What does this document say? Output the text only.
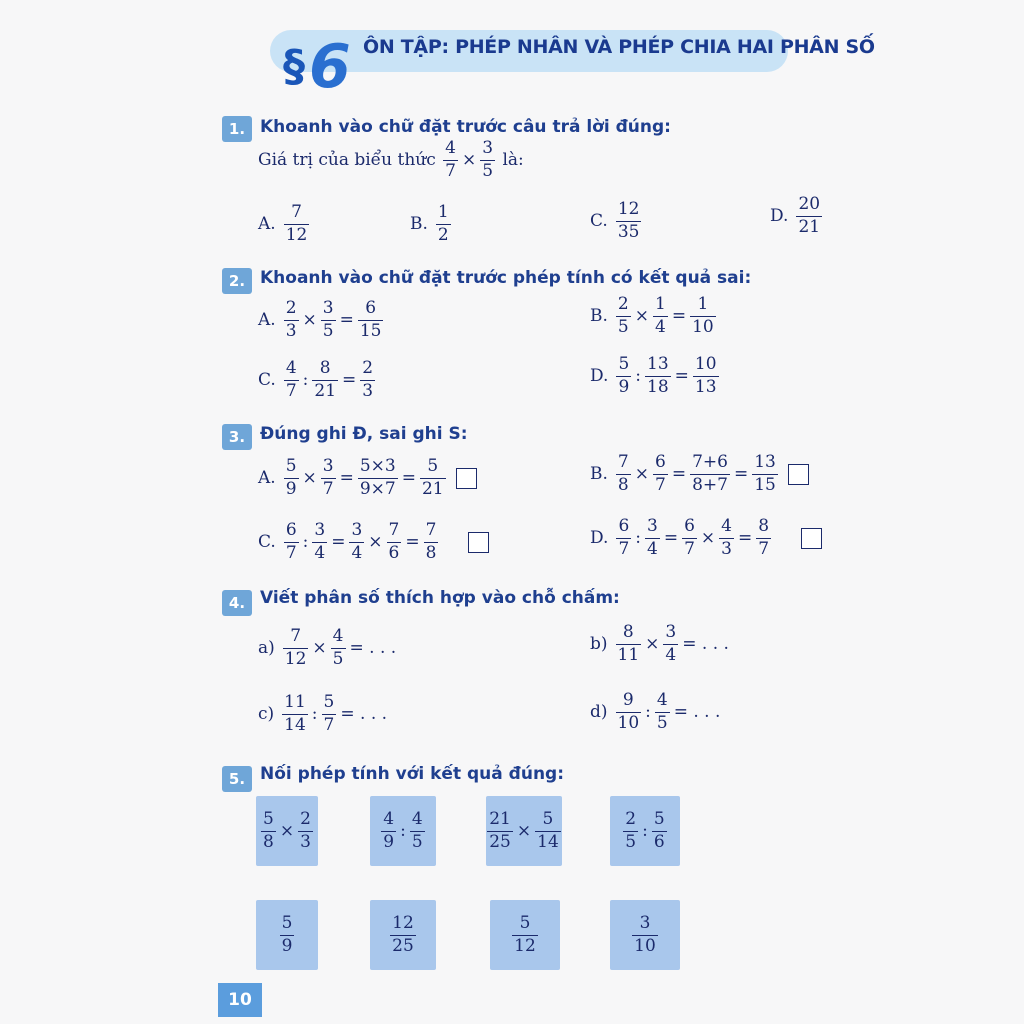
§6 ÔN TẬP: PHÉP NHÂN VÀ PHÉP CHIA HAI PHÂN SỐ
1. Khoanh vào chữ đặt trước câu trả lời đúng:
Giá trị của biểu thức
$\frac{4}{7} \times \frac{3}{5}$
là:
A. $\frac{7}{12}$	B. $\frac{1}{2}$	C. $\frac{12}{35}$	D. $\frac{20}{21}$
2. Khoanh vào chữ đặt trước phép tính có kết quả sai:
A. $\frac{2}{3} \times \frac{3}{5} = \frac{6}{15}$	B. $\frac{2}{5} \times \frac{1}{4} = \frac{1}{10}$
C. $\frac{4}{7}$ : $\frac{8}{21} = \frac{2}{3}$	D. $\frac{5}{9}$ : $\frac{13}{18} = \frac{10}{13}$
3. Đúng ghi Đ, sai ghi S:
A. $\frac{5}{9} \times \frac{3}{7} = \frac{5\times 3}{9\times 7} = \frac{5}{21}$	B. $\frac{7}{8} \times \frac{6}{7} = \frac{7+6}{8+7} = \frac{13}{15}$
C. $\frac{6}{7}$ : $\frac{3}{4} = \frac{3}{4} \times \frac{7}{6} = \frac{7}{8}$	D. $\frac{6}{7}$ : $\frac{3}{4} = \frac{6}{7} \times \frac{4}{3} = \frac{8}{7}$
4. Viết phân số thích hợp vào chỗ chấm:
$a) \frac{7}{12} \times \frac{4}{5}$ = . . .	$b) \frac{8}{11} \times \frac{3}{4}$ = . . .
$c) \frac{11}{14}$ : $\frac{5}{7}$ = . . .	$d) \frac{9}{10}$ : $\frac{4}{5}$ = . . .
5. Nối phép tính với kết quả đúng:
$\frac{5}{8} \times \frac{2}{3}$	$\frac{4}{9}$ : $\frac{4}{5}$	$\frac{21}{25} \times \frac{5}{14}$	$\frac{2}{5}$ : $\frac{5}{6}$
$\frac{5}{9}$	$\frac{12}{25}$	$\frac{5}{12}$	$\frac{3}{10}$
10
